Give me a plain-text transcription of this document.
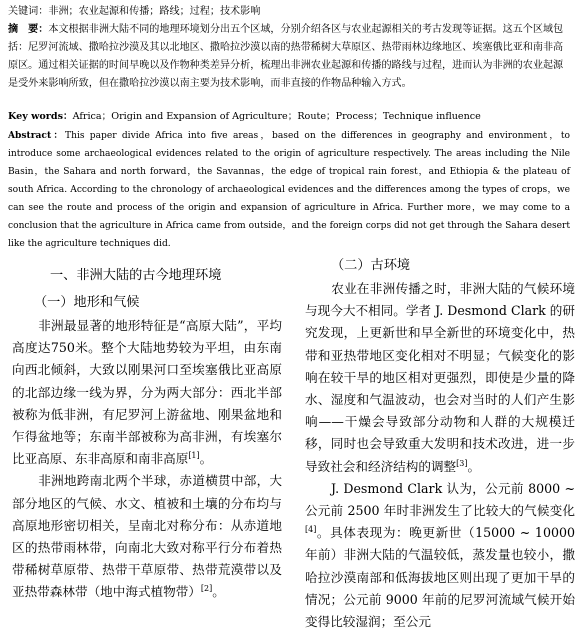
关键词：非洲；农业起源和传播；路线；过程；技术影响
摘　要：本文根据非洲大陆不同的地理环境划分出五个区域，分别介绍各区与农业起源相关的考古发现等证据。这五个区域包括：尼罗河流域、撒哈拉沙漠及其以北地区、撒哈拉沙漠以南的热带稀树大草原区、热带雨林边缘地区、埃塞俄比亚和南非高原区。通过相关证据的时间早晚以及作物种类差异分析，梳理出非洲农业起源和传播的路线与过程，进而认为非洲的农业起源是受外来影响所致，但在撒哈拉沙漠以南主要为技术影响，而非直接的作物品种输入方式。
Key words：Africa；Origin and Expansion of Agriculture；Route；Process；Technique influence
Abstract：This paper divide Africa into five areas，based on the differences in geography and environment，to introduce some archaeological evidences related to the origin of agriculture respectively. The areas including the Nile Basin，the Sahara and north forward，the Savannas，the edge of tropical rain forest，and Ethiopia & the plateau of south Africa. According to the chronology of archaeological evidences and the differences among the types of crops，we can see the route and process of the origin and expansion of agriculture in Africa. Further more，we may come to a conclusion that the agriculture in Africa came from outside，and the foreign corps did not get through the Sahara desert like the agriculture techniques did.
一、非洲大陆的古今地理环境
（一）地形和气候
非洲最显著的地形特征是“高原大陆”，平均高度达750米。整个大陆地势较为平坦，由东南向西北倾斜，大致以刚果河口至埃塞俄比亚高原的北部边缘一线为界，分为两大部分：西北半部被称为低非洲，有尼罗河上游盆地、刚果盆地和乍得盆地等；东南半部被称为高非洲，有埃塞尔比亚高原、东非高原和南非高原[1]。
非洲地跨南北两个半球，赤道横贯中部，大部分地区的气候、水文、植被和土壤的分布均与高原地形密切相关，呈南北对称分布：从赤道地区的热带雨林带，向南北大致对称平行分布着热带稀树草原带、热带干草原带、热带荒漠带以及亚热带森林带（地中海式植物带）[2]。
（二）古环境
农业在非洲传播之时，非洲大陆的气候环境与现今大不相同。学者 J. Desmond Clark 的研究发现，上更新世和早全新世的环境变化中，热带和亚热带地区变化相对不明显；气候变化的影响在较干旱的地区相对更强烈，即使是少量的降水、湿度和气温波动，也会对当时的人们产生影响——干燥会导致部分动物和人群的大规模迁移，同时也会导致重大发明和技术改进，进一步导致社会和经济结构的调整[3]。
J. Desmond Clark 认为，公元前 8000 ~ 公元前 2500 年时非洲发生了比较大的气候变化[4]。具体表现为：晚更新世（15000 ~ 10000 年前）非洲大陆的气温较低，蒸发量也较小，撒哈拉沙漠南部和低海拔地区则出现了更加干旱的情况；公元前 9000 年前的尼罗河流域气候开始变得比较湿润；至公元
